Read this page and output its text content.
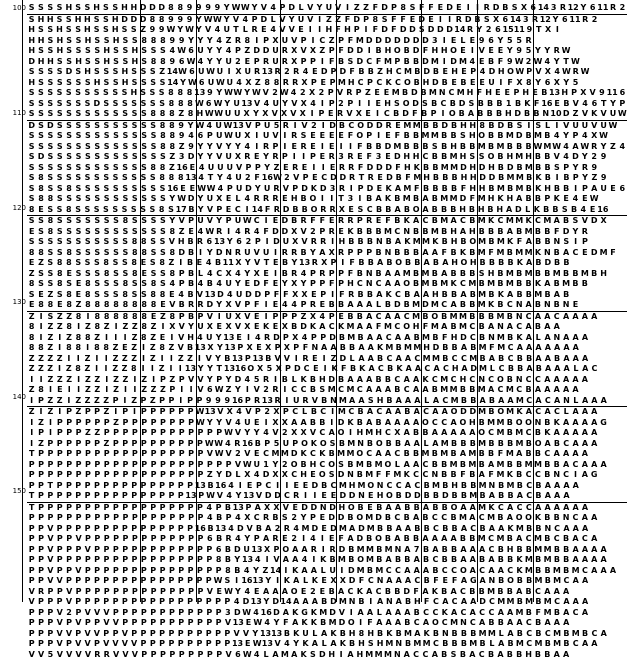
100
110
120
130
140
150
S S S S H S S H S S H H D D D 8 8 9 9 9 9 Y W W Y V 4 P D L V Y U V I Z Z F D P 8 S F F E D E I I R D B S X 6 14 3 R 12 Y 6 11 R 2
S H H S S H H S S H D D D 8 8 9 9 9 Y W W Y V 4 P D L V Y U V I Z Z F D P 8 S F F E D E I I R D B S X 6 14 3 R 12 Y 6 11 R 2
H S S H S S H S S H S S Z 9 9 W Y W Y V 4 U T L R E 4 V V E I I H F H P I F D F D D S D D D 14 R Y 2 6 15 11 9 T X I
H H S H S S H S S H S S 8 8 8 9 9 Y Y Y 4 Z R 8 I P X U V P I C Z P F M D D D D D D D 3 I E L E 9 6 Y 5 5 R
H S S H S S S S H S S H S S S 4 W 6 U Y Y 4 P Z D D U R X V X Z P F D D I B H O B D F H H O E I V E E Y 9 5 Y Y R W
D H H S S H S S H S S H S 8 8 9 6 W 4 Y Y U 2 E P R U R X P P I F B S D C F M P B B D M I D M 4 E B F 9 W 2 W 4 Y T W
S S S S D S H S S S H S S S Z 14 W 6 U W U I X U R 13 R 2 R 4 E D P D F B B Z H C M B D B E H E P 4 D H O W P V X 4 W R W
H S S S S S S H S S H S S S S 14 Y W 6 U W U 4 X Z 8 8 R R X P E P M H C P C K C O B H D B E B E E U I F X 8 Y 6 X Y 5
S S S S S S S S S S S H S S S 8 8 8 13 9 Y W W Y W V 2 W 4 2 X 2 P V R P Z E E M B D B M N C M H F H E E P H E B 13 H P X V 9 11 6
S S S S S S S D S S S S S S S 8 8 8 W 6 W Y U 13 V 4 U Y V X 4 I P 2 P I I E H S O D S B C B D S B B B 1 B K F 16 E B V 4 6 T Y P
S S S S S S S S S S S S S 8 8 8 Z 8 H W W U U X Y X V X V X I P E R V X E I C B D F B P I O B A B B B H D B B N 10 D Z V K V U W
D S D S S S S S S S S S S S 8 8 9 Y W 4 U W 13 V P U 5 R I V 2 I D B C O D D R E M M B B D B H H 8 B D B S I S L I V U U V U W
S S S S S S S S S S S S S S 8 8 9 4 6 P U W U X I U V I R S E E E E F O P I E F B B M M B B S H O B B M D B M B 4 Y P 4 X W
S S S S S S S S S S S S S S 8 8 Z 9 Y Y V Y Y 4 I R P I E R E I E I I F B B D M B B B S B H B B M B M B B B W M W 4 A W R Y Z 4
S D S S S S S S S S S S S S S Z 3 D Y Y V U X R E Y R P I I P E R 3 R E F 3 E D H H C B B M H S S O B H M H B B V 4 D Y 2 9
S S S S S S S S S S S S S 8 8 Z 16 E 4 U U U V P P Y Z E R E I I E R R F D D D F H K B B M M D H D H B D B M B B S P Y R 9
S 8 S S S S S S S S S S S S 8 8 8 13 4 T Y 4 U 2 F 16 W 2 V P E C D D R T R E D B F M H B B B H H D D B M M B K B I B P Y Z 9
S 8 S S 8 S S S S S S S S S S 16 E E W W 4 P U D Y U R V P D K D 3 R I P D E K A M F B B B B F H H B M B M B K H B B I P A U E 6
S 8 8 S S S S S S S S S S S S Y W D Y U X E L 4 R R R E H B O I I T 3 I B A K B M B A B M M D F M H K H A B B P K E 4 E W
8 E S S 8 S S S S S S S S S 8 S 17 B Y V P E C I 14 F R D B B O R R X E S C B B A B O A B B B H B H B H A D L K B B S B 4 E 16
S S 8 S S S S S S S 8 S S S S Y V P U V Y P U W C I E D B R F F E R R P R E F B K A C B M A C B M K C M M K C M A B S V D X
E S 8 S S S S S S S S S S S S 8 Z E 4 W R I 4 R 4 F D D X V 2 P R E K B B B M C N B B M B H A H B B B A B M B B F D Y R
S S S S S S S S S S S 8 8 S S V H B R 6 13 Y 6 2 P I D U X V R R I H B B B N B A K M M K B H B O M B M K F A B B N S I P
8 8 S S 8 S S S S S S 8 8 S S 8 D B I Y D N R U V U I R R B Y A X R P P P B N B B B A A F B K B M F M B M M K N B A C E D M F
E Z S 8 8 S S S 8 S S 8 E S 8 Z I B E 4 B 11 X Y V T E B Y 13 R X P I F B B A B O B B A B A H O H B B B B K A B D B B
Z S S 8 E S S S 8 S S 8 E S S 8 P B L 4 C X 4 Y X E I B R 4 P R P P F B N B A A M B M B A B B B S H B M B M B B M B B M B H
8 S S 8 S E 8 S S S 8 S S 8 S 4 P B 4 B 4 U Y E D F E Y X Y P P F P H C N C A A O B M B M K C M B M B M B B K A B M B B
S E Z S 8 E 8 S S S 8 S S 8 8 E 4 B V 13 D 4 U D D P F F X X E P I F R B B A K C B A A H B B A B M B K A B B M B A B
E 8 8 E 8 Z 8 8 8 8 8 8 8 8 E V B R R D Y X V P F I E 4 4 P R E B B A A A L B D B M D M C A B B M K B C N A B N B N E
Z I S Z Z 8 I 8 8 8 8 8 8 E Z 8 P B P V I U X V E I P P P Z X 4 P E B B A C A A C M B O B M M B B B M B N C A A C A A A A
8 I Z Z 8 I Z 8 Z I Z Z 8 Z I X V Y U X E X V X E K E X B D K A C K M A A F M C O H F M A B M C B A N A C A B A A
8 I Z I Z 8 8 Z I I I Z 8 Z E I V H 4 U Y 13 E I 4 R D P X 4 P P D B M B A A C A A B M B F H D C B N M B K A L A N A A A
8 8 Z I 8 8 I 8 8 Z E Z I Z 8 Z V B 13 X Y 13 P X E X P X P F N A A B B A A K M B M M H D B B A B M F M C A A A A A A A
Z Z Z Z I I Z I I Z Z Z I Z I I Z Z I V Y B 13 P 13 B V V I R E I Z D L A A B C A A C M M B C C M B A B C B B A A B A A A
Z Z Z I Z 8 Z I I Z Z 8 I I Z I I 13 Y Y T 13 16 O X 5 X P D C E I K F B K A C B K A A C A C H A D M L C B B A B A A A L A C
I I Z Z Z I Z Z I Z Z I Z I P Z P V V Y P Y D 4 5 R I B L K B H D B A A A B B C A A K C M C H C N C O B N C C A A A A A
Z 8 I E I I Z Z I Z I I Z Z Z P I I V 6 W Z Y I V 2 R I C C B S M C M C A A A B C A A B M M B B M A C M C B A A A A A
I P Z Z I Z Z Z Z P I Z P Z P P I P P 9 9 9 16 P R 13 R I U R V B N M A A S H B A A A L A C M B B A B A A M C A C A N L A A A
Z I Z I P Z P P Z I P I P P P P P P W 13 V X 4 V P 2 X P C L B C I M C B A C A A B A C A A O D D M B O M K A C A C L A A A
I Z I P P P P P P Z P P P P P P P P W Y Y V 4 U E I X X A A B B I D K B A B A A A A O C C A O H B M M B O O N B K A A A A G
I P I P P P Z Z P P P P P P P P P P P P P W V Y Y 4 V 2 X X V C A O I H M H C X A B B A A A A A O C M B M C B K A A A A A
I Z P P P P P P Z P P P P P P P P P P W W 4 R 16 B P 5 U P O K O S B M N B O B B A A L A M B B B M B B B M B O A B C A A A
T P P P P P P P P P P P P P P P P P P V W V 2 V E C M M D K C K B M M O C A A C B B M B M B A M B B F M A B B C A A A A
P P P P P P P P P P P P P P P P P P P P P P V W U 1 Y 2 O B H C O S B M B M O L A A C B B M B M B A M B B M M B B A C A A A
P P P P P P P P P P P P P P P P P P P Z Y D L X 4 D X X C H E O S D N B M F F M K C C N B B F B A F M K B C C B N C I A G
P P T P P P P P P P P P P P P P P P 13 B 16 4 I E P C I I E E D B C M H M O N C C A C B M B H B B M N B M B C B A A A A
T P P P P P P P P P P P P P P P P 13 P W V 4 Y 13 V D D C R I I E E D D N E H O B D D B B D B B M B A B B A C B A A A
T P P P P P P P P P P P P P P P P P P 4 P B 13 P A X X V E D D N D H O B E B A A B B A B B O A A M K C A C C A A A A A A
P P P P P P P P P P P P P P P P P P P 4 B P 4 X C R B S 2 Y P E D D B O M D B C B A B C C B M A C M B A O O K B B N C A A
P P V P P P P P P P P P P P P P P P 16 B 13 4 D V B A 2 R 4 M D E D M A D M B B A A B B C B B A C B A A K M B B N C A A A
P P V P P V P P P P P P P P P P P P P 6 B R 4 Y P A R E 2 I 4 I E F A D B O B A B B A A A A B B M C M B A C M B C B A C A
P P V P P P V P P P P P P P P P P P P P 6 B D U 13 X P O A A R I R D B M M B M N A 7 B A B B A A A C B H B B M M B B A A A A
P P V P P P P P P P P P P P P P P P P P 8 B Y 13 4 I V A A 4 I K B M B O M B A B B A B C B B A A B A B B K M B M B B A A A A
P P V P P V P P P P P P P P P P P P P P P 8 B 4 Y Z 14 I K A A L U I D M B M C C A A A B C C O A C A A C K M B B M B M C A A A
P P V V P P P P P P P P P P P P P P P P W S I 16 13 Y I K A L K E X X D F C N A A A C B F E F A G A N B O B B M B M C A A
V R P P V P P P P P P P P P P P P P P V E W Y 4 E A A A O E 2 E B A C K A C B B D F A K B A C B B M B B A B C A A A
V P P P V P P P P P P P P P P P P P P P P P 4 D 13 Y D 14 A A A B D M N B I A N A B H F C A C A A D C M M B M B M C A A A
P P P V 2 P V V V P P P P P P P P P P P P 3 D W 4 16 D A K G K M D V I A A L A A A B C C K A C A C C A A M B F M B A C A
P P P V P V P P V V P P P P P P P P P P P V 13 E W 4 Y F A K K B M D O I F A A A B C A O C M N C A B B A A C B A A A
P P P V V P V V P P V P P P P P P P P P P P V V Y 13 13 B K U L A K B H 8 H B K B M A K B N B B B M M L A B C B C M B M B C A
P P P V P V V P V V V V P P P P P P P P P P 13 E W 13 V 4 Y K A L A K B H S H M N B M M C B B B M B L A B M C M B M B C A A
V V 5 V V V V R R V V V P P P P P P P P P V 6 W 4 L A M A K S D H I A H M M M N A C C A B S B A C B A B B H B B A A
